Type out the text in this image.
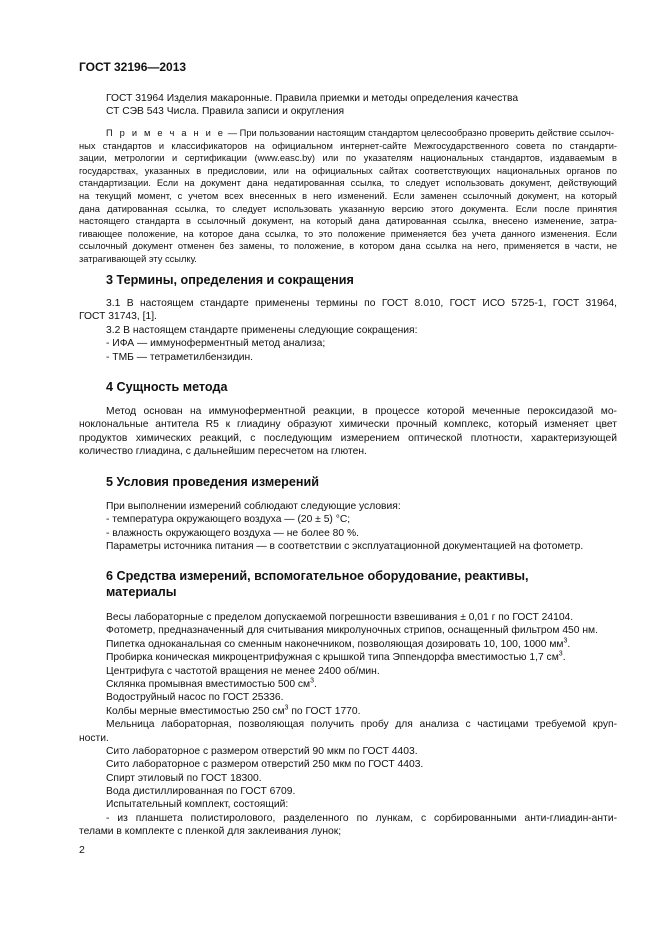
ГОСТ 32196—2013
ГОСТ 31964 Изделия макаронные. Правила приемки и методы определения качества
СТ СЭВ 543 Числа. Правила записи и округления
П р и м е ч а н и е — При пользовании настоящим стандартом целесообразно проверить действие ссылоч-
ных стандартов и классификаторов на официальном интернет-сайте Межгосударственного совета по стандарти-
зации, метрологии и сертификации (www.easc.by) или по указателям национальных стандартов, издаваемым в
государствах, указанных в предисловии, или на официальных сайтах соответствующих национальных органов по
стандартизации. Если на документ дана недатированная ссылка, то следует использовать документ, действующий
на текущий момент, с учетом всех внесенных в него изменений. Если заменен ссылочный документ, на который
дана датированная ссылка, то следует использовать указанную версию этого документа. Если после принятия
настоящего стандарта в ссылочный документ, на который дана датированная ссылка, внесено изменение, затра-
гивающее положение, на которое дана ссылка, то это положение применяется без учета данного изменения. Если
ссылочный документ отменен без замены, то положение, в котором дана ссылка на него, применяется в части, не
затрагивающей эту ссылку.
3 Термины, определения и сокращения
3.1 В настоящем стандарте применены термины по ГОСТ 8.010, ГОСТ ИСО 5725-1, ГОСТ 31964,
ГОСТ 31743, [1].
3.2 В настоящем стандарте применены следующие сокращения:
- ИФА — иммуноферментный метод анализа;
- ТМБ — тетраметилбензидин.
4 Сущность метода
Метод основан на иммуноферментной реакции, в процессе которой меченные пероксидазой мо-
ноклональные антитела R5 к глиадину образуют химически прочный комплекс, который изменяет цвет
продуктов химических реакций, с последующим измерением оптической плотности, характеризующей
количество глиадина, с дальнейшим пересчетом на глютен.
5 Условия проведения измерений
При выполнении измерений соблюдают следующие условия:
- температура окружающего воздуха — (20 ± 5) °С;
- влажность окружающего воздуха — не более 80 %.
Параметры источника питания — в соответствии с эксплуатационной документацией на фотометр.
6 Средства измерений, вспомогательное оборудование, реактивы,
материалы
Весы лабораторные с пределом допускаемой погрешности взвешивания ± 0,01 г по ГОСТ 24104.
Фотометр, предназначенный для считывания микролуночных стрипов, оснащенный фильтром 450 нм.
Пипетка одноканальная со сменным наконечником, позволяющая дозировать 10, 100, 1000 $мм^3$.
Пробирка коническая микроцентрифужная с крышкой типа Эппендорфа вместимостью 1,7 $см^3$.
Центрифуга с частотой вращения не менее 2400 об/мин.
Склянка промывная вместимостью 500 $см^3$.
Водоструйный насос по ГОСТ 25336.
Колбы мерные вместимостью 250 $см^3$ по ГОСТ 1770.
Мельница лабораторная, позволяющая получить пробу для анализа с частицами требуемой круп-
ности.
Сито лабораторное с размером отверстий 90 мкм по ГОСТ 4403.
Сито лабораторное с размером отверстий 250 мкм по ГОСТ 4403.
Спирт этиловый по ГОСТ 18300.
Вода дистиллированная по ГОСТ 6709.
Испытательный комплект, состоящий:
- из планшета полистиролового, разделенного по лункам, с сорбированными анти-глиадин-анти-
телами в комплекте с пленкой для заклеивания лунок;
2
